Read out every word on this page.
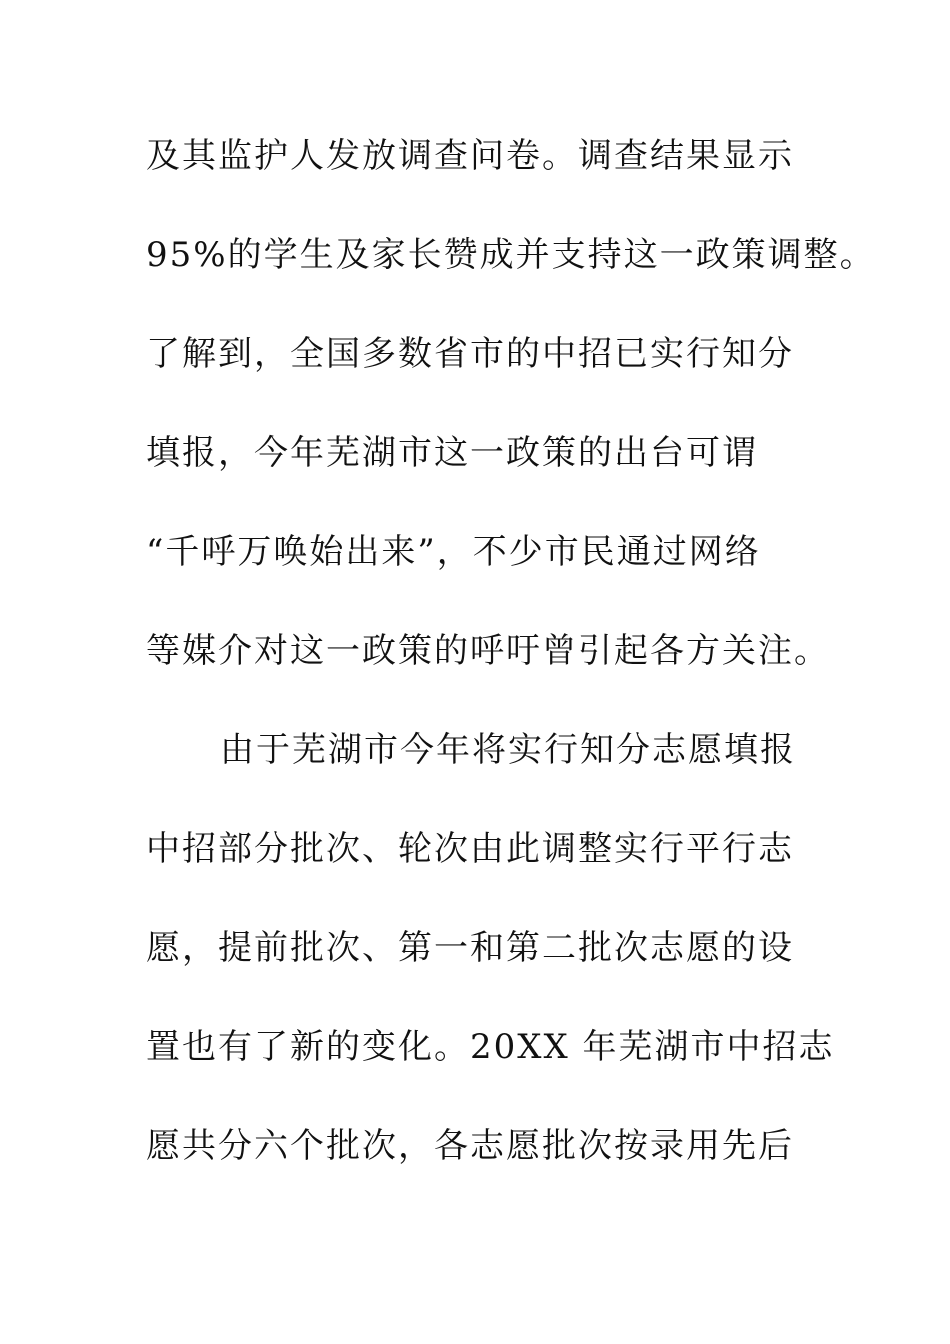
及其监护人发放调查问卷。调查结果显示
95%的学生及家长赞成并支持这一政策调整。
了解到，全国多数省市的中招已实行知分
填报，今年芜湖市这一政策的出台可谓
“千呼万唤始出来”，不少市民通过网络
等媒介对这一政策的呼吁曾引起各方关注。
由于芜湖市今年将实行知分志愿填报
中招部分批次、轮次由此调整实行平行志
愿，提前批次、第一和第二批次志愿的设
置也有了新的变化。20XX 年芜湖市中招志
愿共分六个批次，各志愿批次按录用先后
